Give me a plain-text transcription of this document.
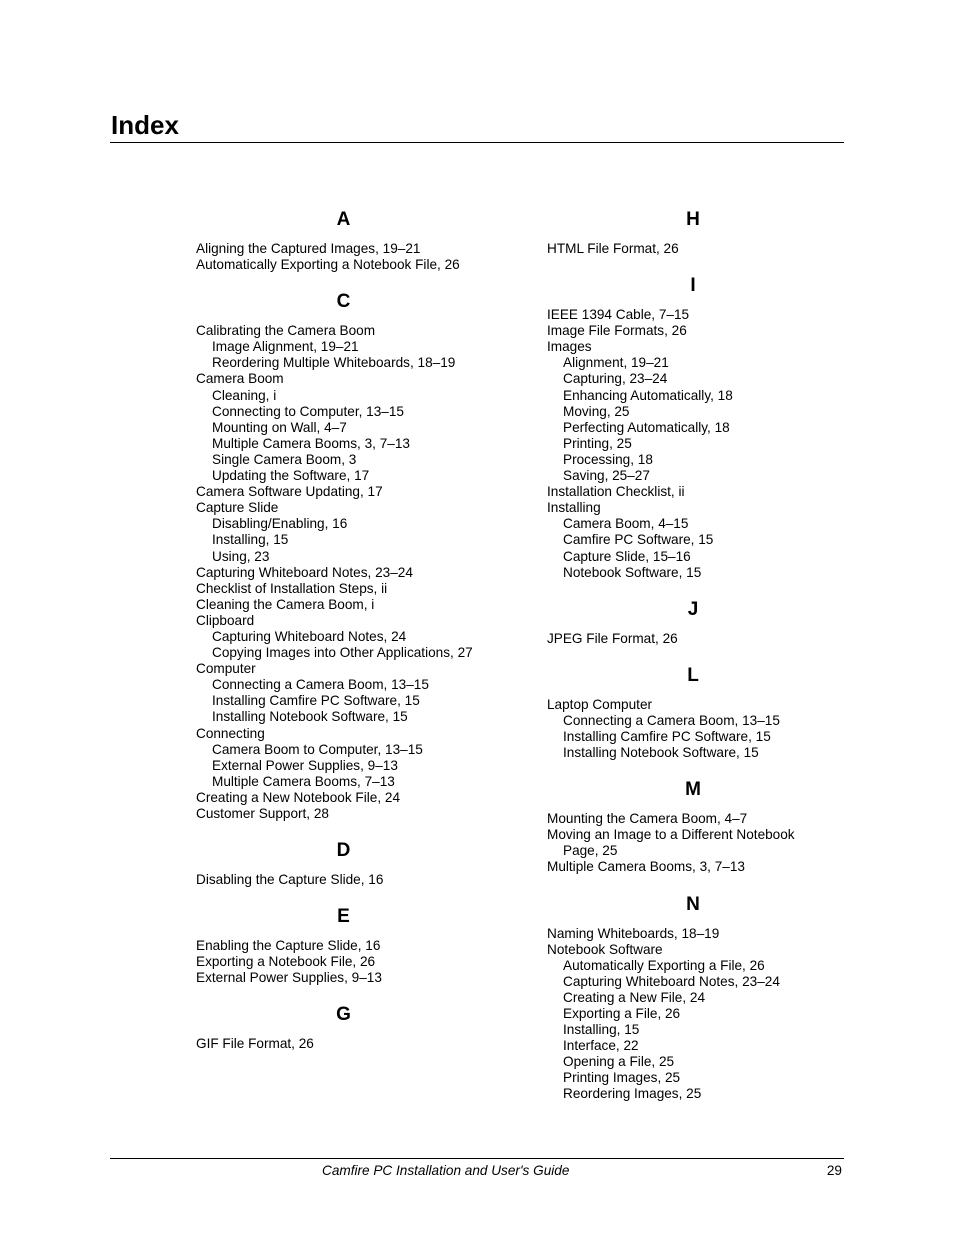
Index
A
Aligning the Captured Images, 19–21
Automatically Exporting a Notebook File, 26
C
Calibrating the Camera Boom
Image Alignment, 19–21
Reordering Multiple Whiteboards, 18–19
Camera Boom
Cleaning, i
Connecting to Computer, 13–15
Mounting on Wall, 4–7
Multiple Camera Booms, 3, 7–13
Single Camera Boom, 3
Updating the Software, 17
Camera Software Updating, 17
Capture Slide
Disabling/Enabling, 16
Installing, 15
Using, 23
Capturing Whiteboard Notes, 23–24
Checklist of Installation Steps, ii
Cleaning the Camera Boom, i
Clipboard
Capturing Whiteboard Notes, 24
Copying Images into Other Applications, 27
Computer
Connecting a Camera Boom, 13–15
Installing Camfire PC Software, 15
Installing Notebook Software, 15
Connecting
Camera Boom to Computer, 13–15
External Power Supplies, 9–13
Multiple Camera Booms, 7–13
Creating a New Notebook File, 24
Customer Support, 28
D
Disabling the Capture Slide, 16
E
Enabling the Capture Slide, 16
Exporting a Notebook File, 26
External Power Supplies, 9–13
G
GIF File Format, 26
H
HTML File Format, 26
I
IEEE 1394 Cable, 7–15
Image File Formats, 26
Images
Alignment, 19–21
Capturing, 23–24
Enhancing Automatically, 18
Moving, 25
Perfecting Automatically, 18
Printing, 25
Processing, 18
Saving, 25–27
Installation Checklist, ii
Installing
Camera Boom, 4–15
Camfire PC Software, 15
Capture Slide, 15–16
Notebook Software, 15
J
JPEG File Format, 26
L
Laptop Computer
Connecting a Camera Boom, 13–15
Installing Camfire PC Software, 15
Installing Notebook Software, 15
M
Mounting the Camera Boom, 4–7
Moving an Image to a Different Notebook
Page, 25
Multiple Camera Booms, 3, 7–13
N
Naming Whiteboards, 18–19
Notebook Software
Automatically Exporting a File, 26
Capturing Whiteboard Notes, 23–24
Creating a New File, 24
Exporting a File, 26
Installing, 15
Interface, 22
Opening a File, 25
Printing Images, 25
Reordering Images, 25
Camfire PC Installation and User's Guide	29
